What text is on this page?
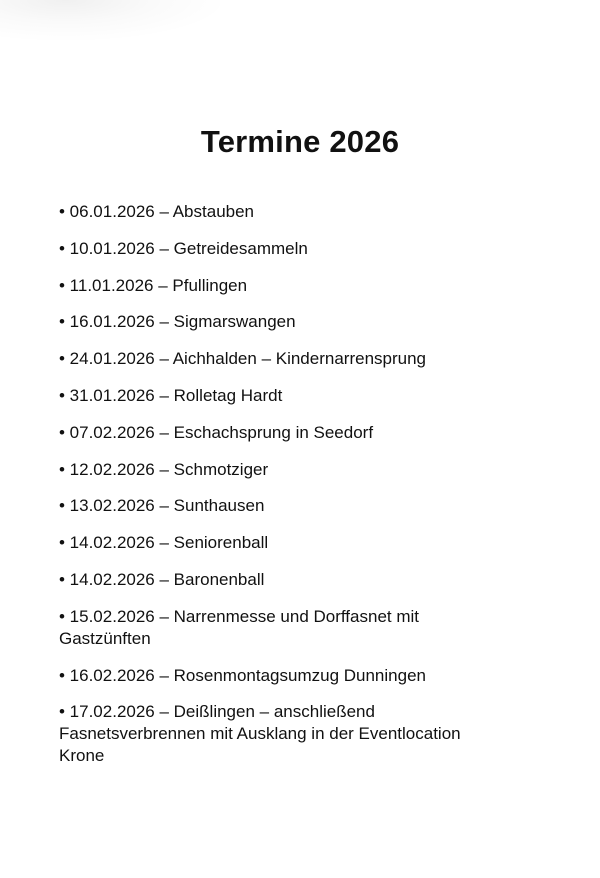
Termine 2026
• 06.01.2026 – Abstauben
• 10.01.2026 – Getreidesammeln
• 11.01.2026 – Pfullingen
• 16.01.2026 – Sigmarswangen
• 24.01.2026 – Aichhalden – Kindernarrensprung
• 31.01.2026 – Rolletag Hardt
• 07.02.2026 – Eschachsprung in Seedorf
• 12.02.2026 – Schmotziger
• 13.02.2026 – Sunthausen
• 14.02.2026 – Seniorenball
• 14.02.2026 – Baronenball
• 15.02.2026 – Narrenmesse und Dorffasnet mit
Gastzünften
• 16.02.2026 – Rosenmontagsumzug Dunningen
• 17.02.2026 – Deißlingen – anschließend
Fasnetsverbrennen mit Ausklang in der Eventlocation
Krone
